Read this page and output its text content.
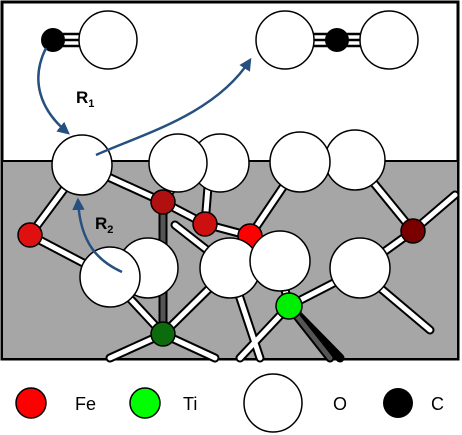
$R_1$
$R_2$
Fe	Ti	O	C
